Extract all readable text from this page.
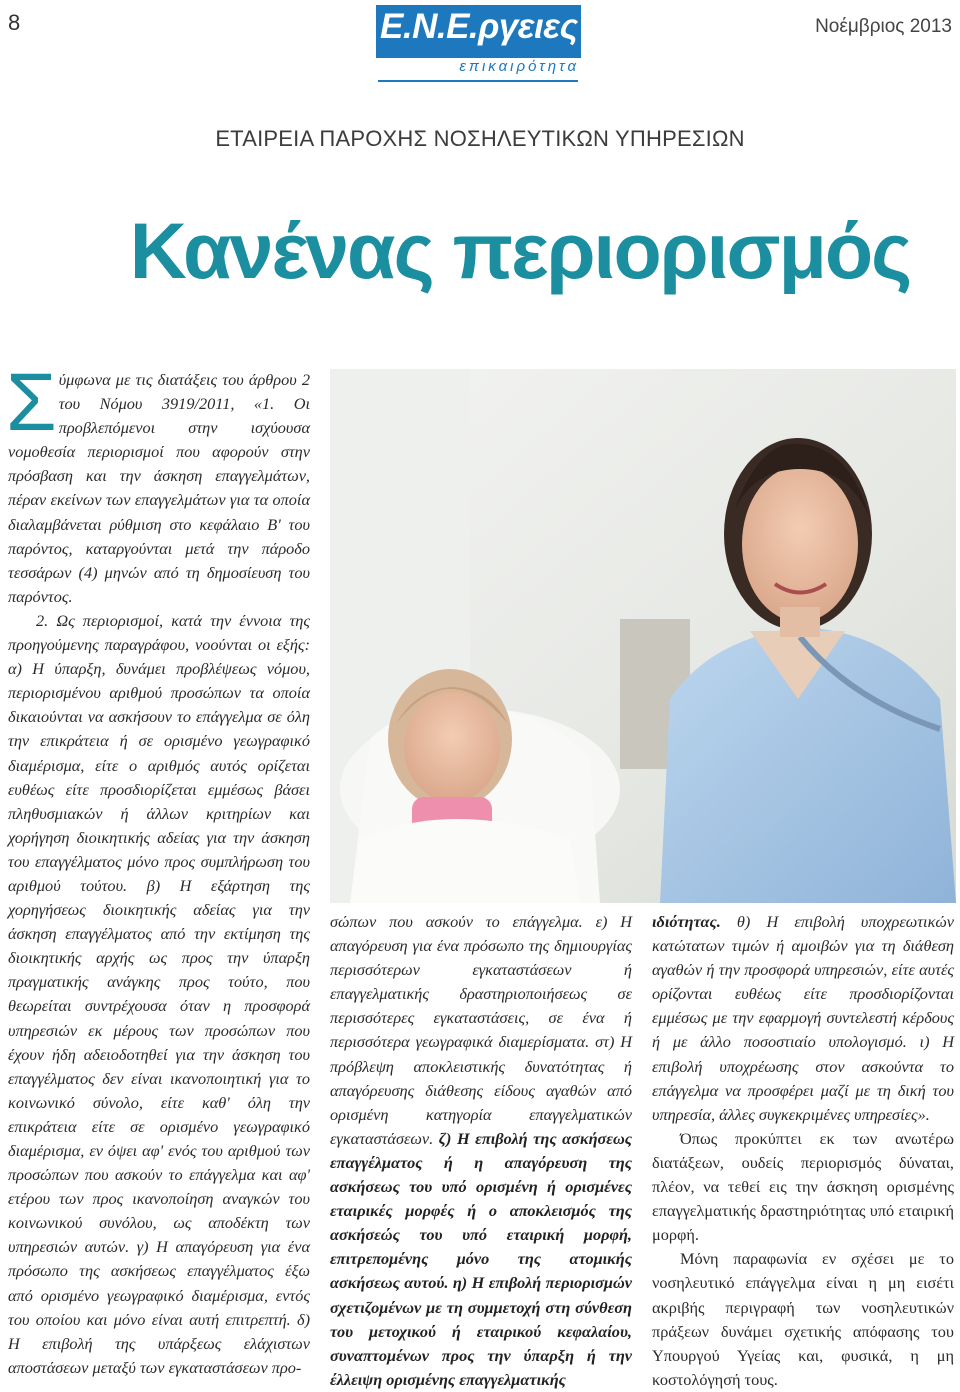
8	Νοέμβριος 2013
Ε.Ν.Ε.ργειες
επικαιρότητα
ΕΤΑΙΡΕΙΑ ΠΑΡΟΧΗΣ ΝΟΣΗΛΕΥΤΙΚΩΝ ΥΠΗΡΕΣΙΩΝ
Κανένας περιορισμός

Σύμφωνα με τις διατάξεις του άρθρου 2 του Νόμου 3919/2011, «1. Οι προβλεπόμενοι στην ισχύουσα νομοθεσία περιορισμοί που αφορούν στην πρόσβαση και την άσκηση επαγγελμάτων, πέραν εκείνων των επαγγελμάτων για τα οποία διαλαμβάνεται ρύθμιση στο κεφάλαιο Β' του παρόντος, καταργούνται μετά την πάροδο τεσσάρων (4) μηνών από τη δημοσίευση του παρόντος.

2. Ως περιορισμοί, κατά την έννοια της προηγούμενης παραγράφου, νοούνται οι εξής: α) Η ύπαρξη, δυνάμει προβλέψεως νόμου, περιορισμένου αριθμού προσώπων τα οποία δικαιούνται να ασκήσουν το επάγγελμα σε όλη την επικράτεια ή σε ορισμένο γεωγραφικό διαμέρισμα, είτε ο αριθμός αυτός ορίζεται ευθέως είτε προσδιορίζεται εμμέσως βάσει πληθυσμιακών ή άλλων κριτηρίων και χορήγηση διοικητικής αδείας για την άσκηση του επαγγέλματος μόνο προς συμπλήρωση του αριθμού τούτου. β) Η εξάρτηση της χορηγήσεως διοικητικής αδείας για την άσκηση επαγγέλματος από την εκτίμηση της διοικητικής αρχής ως προς την ύπαρξη πραγματικής ανάγκης προς τούτο, που θεωρείται συντρέχουσα όταν η προσφορά υπηρεσιών εκ μέρους των προσώπων που έχουν ήδη αδειοδοτηθεί για την άσκηση του επαγγέλματος δεν είναι ικανοποιητική για το κοινωνικό σύνολο, είτε καθ' όλη την επικράτεια είτε σε ορισμένο γεωγραφικό διαμέρισμα, εν όψει αφ' ενός του αριθμού των προσώπων που ασκούν το επάγγελμα και αφ' ετέρου των προς ικανοποίηση αναγκών του κοινωνικού συνόλου, ως αποδέκτη των υπηρεσιών αυτών. γ) Η απαγόρευση για ένα πρόσωπο της ασκήσεως επαγγέλματος έξω από ορισμένο γεωγραφικό διαμέρισμα, εντός του οποίου και μόνο είναι αυτή επιτρεπτή. δ) Η επιβολή της υπάρξεως ελάχιστων αποστάσεων μεταξύ των εγκαταστάσεων προ-

σώπων που ασκούν το επάγγελμα. ε) Η απαγόρευση για ένα πρόσωπο της δημιουργίας περισσότερων εγκαταστάσεων ή επαγγελματικής δραστηριοποιήσεως σε περισσότερες εγκαταστάσεις, σε ένα ή περισσότερα γεωγραφικά διαμερίσματα. στ) Η πρόβλεψη αποκλειστικής δυνατότητας ή απαγόρευσης διάθεσης είδους αγαθών από ορισμένη κατηγορία επαγγελματικών εγκαταστάσεων. ζ) Η επιβολή της ασκήσεως επαγγέλματος ή η απαγόρευση της ασκήσεως του υπό ορισμένη ή ορισμένες εταιρικές μορφές ή ο αποκλεισμός της ασκήσεώς του υπό εταιρική μορφή, επιτρεπομένης μόνο της ατομικής ασκήσεως αυτού. η) Η επιβολή περιορισμών σχετιζομένων με τη συμμετοχή στη σύνθεση του μετοχικού ή εταιρικού κεφαλαίου, συναπτομένων προς την ύπαρξη ή την έλλειψη ορισμένης επαγγελματικής

ιδιότητας. θ) Η επιβολή υποχρεωτικών κατώτατων τιμών ή αμοιβών για τη διάθεση αγαθών ή την προσφορά υπηρεσιών, είτε αυτές ορίζονται ευθέως είτε προσδιορίζονται εμμέσως με την εφαρμογή συντελεστή κέρδους ή με άλλο ποσοστιαίο υπολογισμό. ι) Η επιβολή υποχρέωσης στον ασκούντα το επάγγελμα να προσφέρει μαζί με τη δική του υπηρεσία, άλλες συγκεκριμένες υπηρεσίες».

Όπως προκύπτει εκ των ανωτέρω διατάξεων, ουδείς περιορισμός δύναται, πλέον, να τεθεί εις την άσκηση ορισμένης επαγγελματικής δραστηριότητας υπό εταιρική μορφή.

Μόνη παραφωνία εν σχέσει με το νοσηλευτικό επάγγελμα είναι η μη εισέτι ακριβής περιγραφή των νοσηλευτικών πράξεων δυνάμει σχετικής απόφασης του Υπουργού Υγείας και, φυσικά, η μη κοστολόγησή τους.
